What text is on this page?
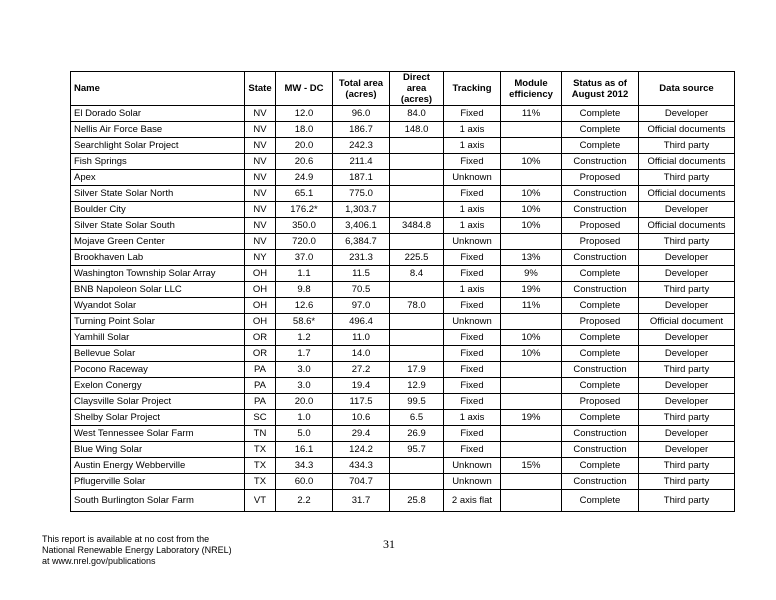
Name	State	MW - DC	Total area (acres)	Direct area (acres)	Tracking	Module efficiency	Status as of August 2012	Data source
El Dorado Solar	NV	12.0	96.0	84.0	Fixed	11%	Complete	Developer
Nellis Air Force Base	NV	18.0	186.7	148.0	1 axis		Complete	Official documents
Searchlight Solar Project	NV	20.0	242.3		1 axis		Complete	Third party
Fish Springs	NV	20.6	211.4		Fixed	10%	Construction	Official documents
Apex	NV	24.9	187.1		Unknown		Proposed	Third party
Silver State Solar North	NV	65.1	775.0		Fixed	10%	Construction	Official documents
Boulder City	NV	176.2*	1,303.7		1 axis	10%	Construction	Developer
Silver State Solar South	NV	350.0	3,406.1	3484.8	1 axis	10%	Proposed	Official documents
Mojave Green Center	NV	720.0	6,384.7		Unknown		Proposed	Third party
Brookhaven Lab	NY	37.0	231.3	225.5	Fixed	13%	Construction	Developer
Washington Township Solar Array	OH	1.1	11.5	8.4	Fixed	9%	Complete	Developer
BNB Napoleon Solar LLC	OH	9.8	70.5		1 axis	19%	Construction	Third party
Wyandot Solar	OH	12.6	97.0	78.0	Fixed	11%	Complete	Developer
Turning Point Solar	OH	58.6*	496.4		Unknown		Proposed	Official document
Yamhill Solar	OR	1.2	11.0		Fixed	10%	Complete	Developer
Bellevue Solar	OR	1.7	14.0		Fixed	10%	Complete	Developer
Pocono Raceway	PA	3.0	27.2	17.9	Fixed		Construction	Third party
Exelon Conergy	PA	3.0	19.4	12.9	Fixed		Complete	Developer
Claysville Solar Project	PA	20.0	117.5	99.5	Fixed		Proposed	Developer
Shelby Solar Project	SC	1.0	10.6	6.5	1 axis	19%	Complete	Third party
West Tennessee Solar Farm	TN	5.0	29.4	26.9	Fixed		Construction	Developer
Blue Wing Solar	TX	16.1	124.2	95.7	Fixed		Construction	Developer
Austin Energy Webberville	TX	34.3	434.3		Unknown	15%	Complete	Third party
Pflugerville Solar	TX	60.0	704.7		Unknown		Construction	Third party
South Burlington Solar Farm	VT	2.2	31.7	25.8	2 axis flat		Complete	Third party
This report is available at no cost from the
National Renewable Energy Laboratory (NREL)
at www.nrel.gov/publications
31
